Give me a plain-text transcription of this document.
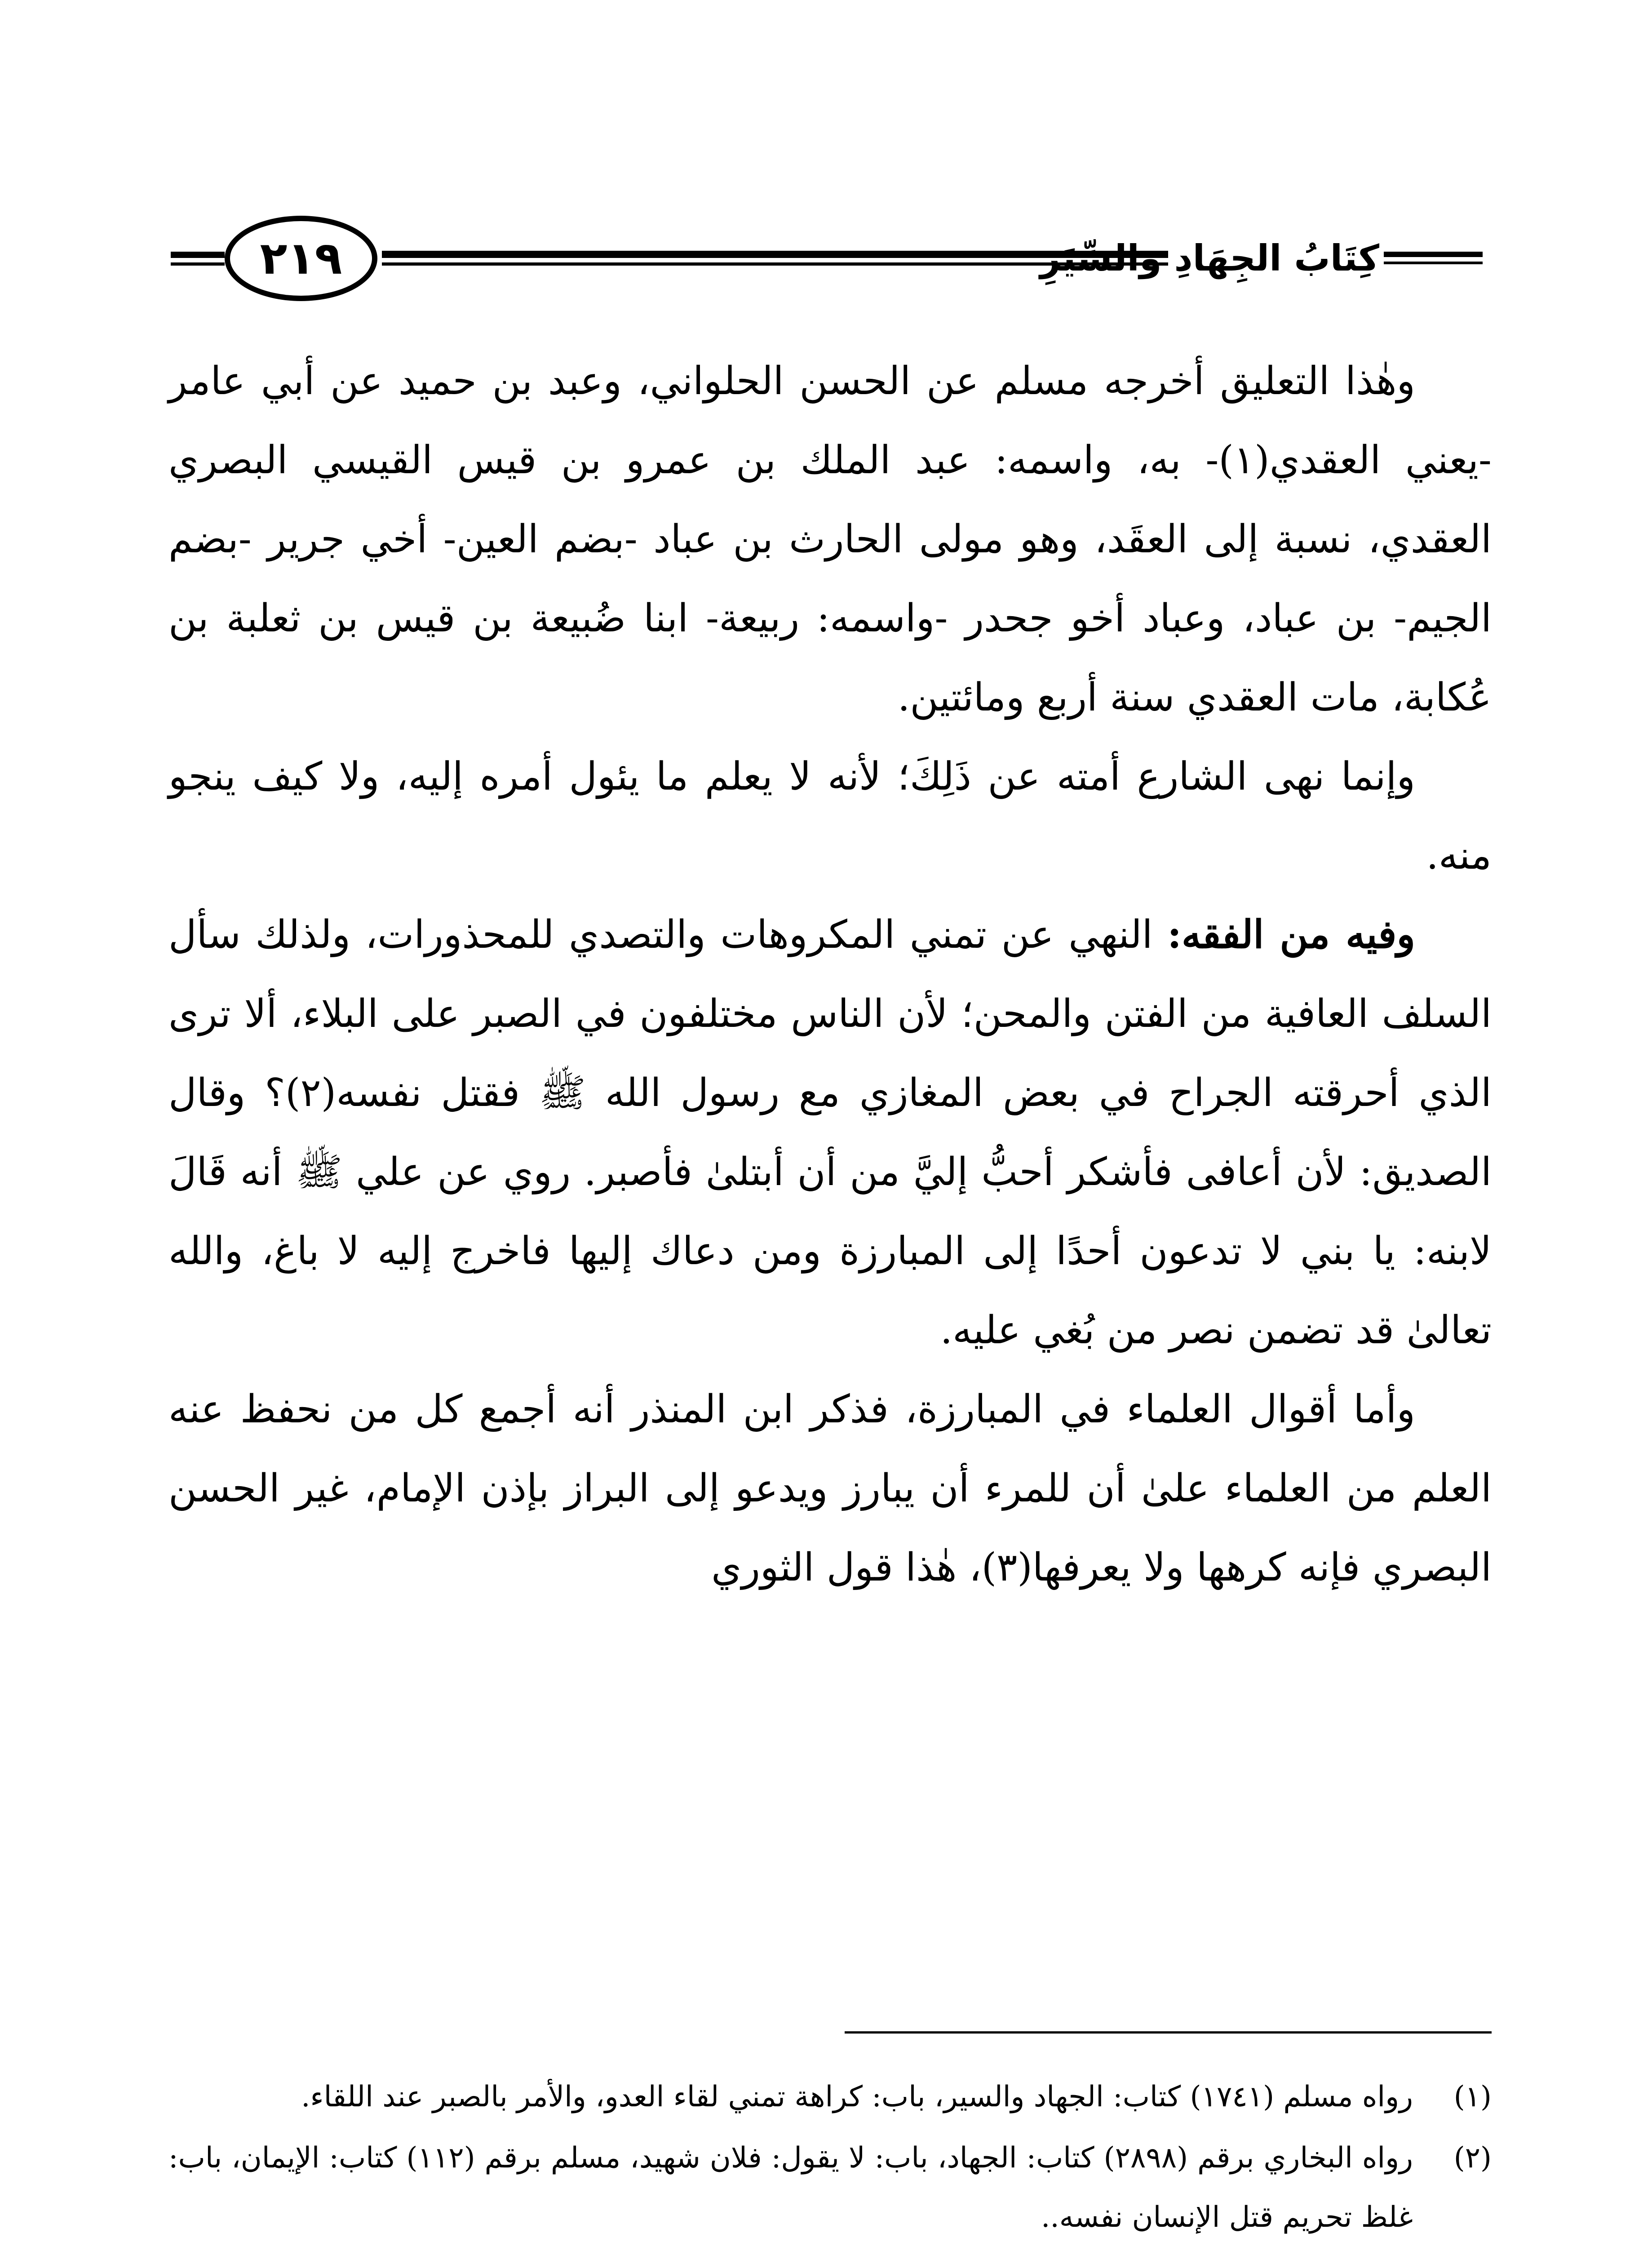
٢١٩	كِتَابُ الجِهَادِ وَالسِّيَرِ

وهٰذا التعليق أخرجه مسلم عن الحسن الحلواني، وعبد بن حميد عن أبي عامر -يعني العقدي(١)- به، واسمه: عبد الملك بن عمرو بن قيس القيسي البصري العقدي، نسبة إلى العقَد، وهو مولى الحارث بن عباد -بضم العين- أخي جرير -بضم الجيم- بن عباد، وعباد أخو جحدر -واسمه: ربيعة- ابنا ضُبيعة بن قيس بن ثعلبة بن عُكابة، مات العقدي سنة أربع ومائتين.

وإنما نهى الشارع أمته عن ذَلِكَ؛ لأنه لا يعلم ما يئول أمره إليه، ولا كيف ينجو منه.

وفيه من الفقه: النهي عن تمني المكروهات والتصدي للمحذورات، ولذلك سأل السلف العافية من الفتن والمحن؛ لأن الناس مختلفون في الصبر على البلاء، ألا ترى الذي أحرقته الجراح في بعض المغازي مع رسول الله ﷺ فقتل نفسه(٢)؟ وقال الصديق: لأن أعافى فأشكر أحبُّ إليَّ من أن أبتلىٰ فأصبر. روي عن علي ﷺ أنه قَالَ لابنه: يا بني لا تدعون أحدًا إلى المبارزة ومن دعاك إليها فاخرج إليه لا باغ، والله تعالىٰ قد تضمن نصر من بُغي عليه.

وأما أقوال العلماء في المبارزة، فذكر ابن المنذر أنه أجمع كل من نحفظ عنه العلم من العلماء علىٰ أن للمرء أن يبارز ويدعو إلى البراز بإذن الإمام، غير الحسن البصري فإنه كرهها ولا يعرفها(٣)، هٰذا قول الثوري

(١)
رواه مسلم (١٧٤١) كتاب: الجهاد والسير، باب: كراهة تمني لقاء العدو، والأمر بالصبر عند اللقاء.
(٢)
رواه البخاري برقم (٢٨٩٨) كتاب: الجهاد، باب: لا يقول: فلان شهيد، مسلم برقم (١١٢) كتاب: الإيمان، باب: غلظ تحريم قتل الإنسان نفسه..
